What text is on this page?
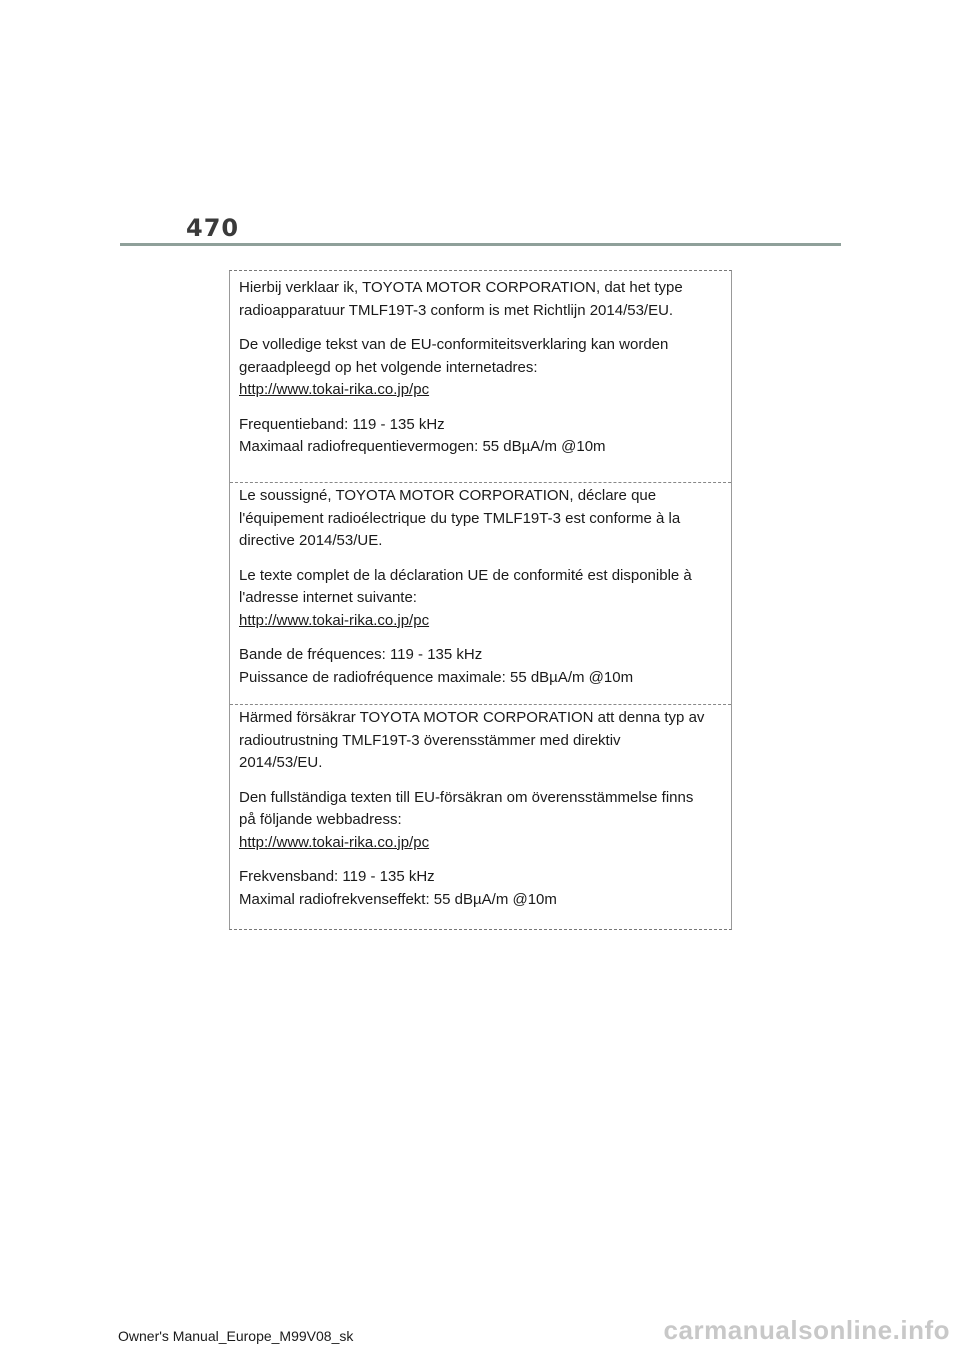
470

Hierbij verklaar ik, TOYOTA MOTOR CORPORATION, dat het type
radioapparatuur TMLF19T-3 conform is met Richtlijn 2014/53/EU.

De volledige tekst van de EU-conformiteitsverklaring kan worden
geraadpleegd op het volgende internetadres:
http://www.tokai-rika.co.jp/pc

Frequentieband: 119 - 135 kHz
Maximaal radiofrequentievermogen: 55 dBµA/m @10m

Le soussigné, TOYOTA MOTOR CORPORATION, déclare que
l'équipement radioélectrique du type TMLF19T-3 est conforme à la
directive 2014/53/UE.

Le texte complet de la déclaration UE de conformité est disponible à
l'adresse internet suivante:
http://www.tokai-rika.co.jp/pc

Bande de fréquences: 119 - 135 kHz
Puissance de radiofréquence maximale: 55 dBµA/m @10m

Härmed försäkrar TOYOTA MOTOR CORPORATION att denna typ av
radioutrustning TMLF19T-3 överensstämmer med direktiv
2014/53/EU.

Den fullständiga texten till EU-försäkran om överensstämmelse finns
på följande webbadress:
http://www.tokai-rika.co.jp/pc

Frekvensband: 119 - 135 kHz
Maximal radiofrekvenseffekt: 55 dBµA/m @10m

Owner's Manual_Europe_M99V08_sk	carmanualsonline.info
